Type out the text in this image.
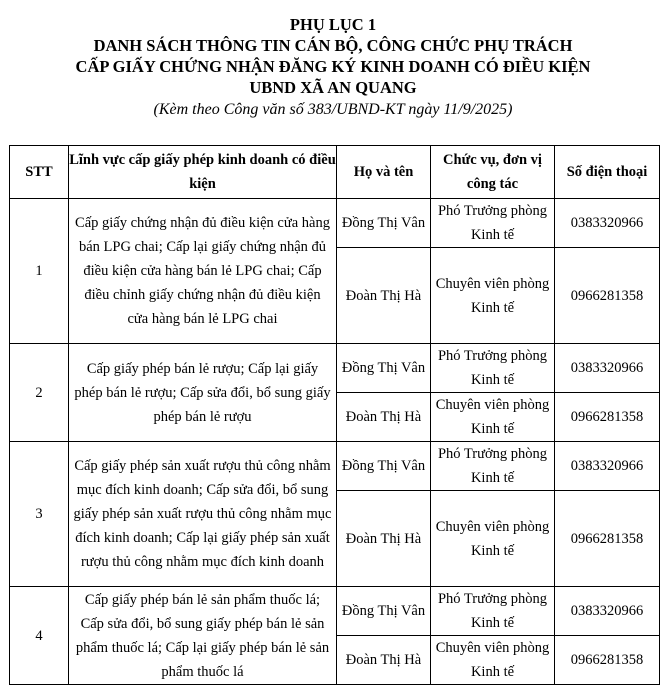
PHỤ LỤC 1
DANH SÁCH THÔNG TIN CÁN BỘ, CÔNG CHỨC PHỤ TRÁCH
CẤP GIẤY CHỨNG NHẬN ĐĂNG KÝ KINH DOANH CÓ ĐIỀU KIỆN
UBND XÃ AN QUANG
(Kèm theo Công văn số 383/UBND-KT ngày 11/9/2025)
STT	Lĩnh vực cấp giấy phép kinh doanh có điều kiện	Họ và tên	Chức vụ, đơn vị công tác	Số điện thoại
1	Cấp giấy chứng nhận đủ điều kiện cửa hàng bán LPG chai; Cấp lại giấy chứng nhận đủ điều kiện cửa hàng bán lẻ LPG chai; Cấp điều chỉnh giấy chứng nhận đủ điều kiện cửa hàng bán lẻ LPG chai	Đồng Thị Vân	Phó Trưởng phòng Kinh tế	0383320966
		Đoàn Thị Hà	Chuyên viên phòng Kinh tế	0966281358
2	Cấp giấy phép bán lẻ rượu; Cấp lại giấy phép bán lẻ rượu; Cấp sửa đổi, bổ sung giấy phép bán lẻ rượu	Đồng Thị Vân	Phó Trưởng phòng Kinh tế	0383320966
		Đoàn Thị Hà	Chuyên viên phòng Kinh tế	0966281358
3	Cấp giấy phép sản xuất rượu thủ công nhằm mục đích kinh doanh; Cấp sửa đổi, bổ sung giấy phép sản xuất rượu thủ công nhằm mục đích kinh doanh; Cấp lại giấy phép sản xuất rượu thủ công nhằm mục đích kinh doanh	Đồng Thị Vân	Phó Trưởng phòng Kinh tế	0383320966
		Đoàn Thị Hà	Chuyên viên phòng Kinh tế	0966281358
4	Cấp giấy phép bán lẻ sản phẩm thuốc lá; Cấp sửa đổi, bổ sung giấy phép bán lẻ sản phẩm thuốc lá; Cấp lại giấy phép bán lẻ sản phẩm thuốc lá	Đồng Thị Vân	Phó Trưởng phòng Kinh tế	0383320966
		Đoàn Thị Hà	Chuyên viên phòng Kinh tế	0966281358
